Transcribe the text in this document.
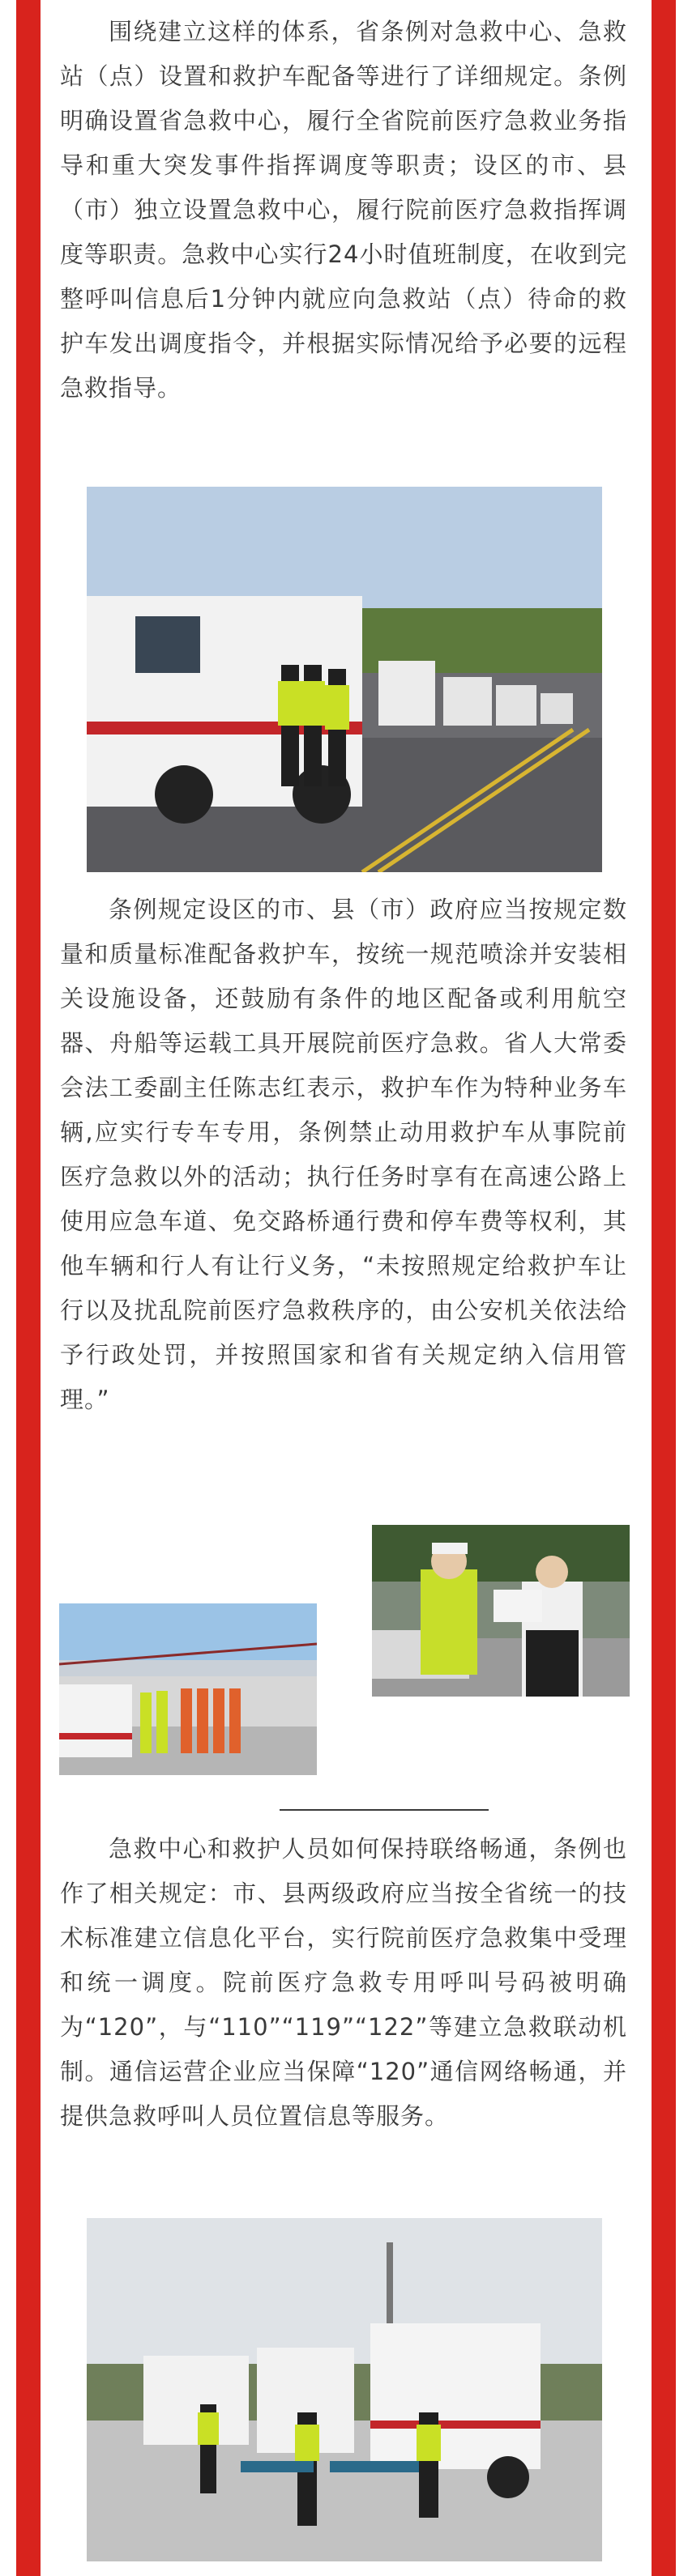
围绕建立这样的体系，省条例对急救中心、急救站（点）设置和救护车配备等进行了详细规定。条例明确设置省急救中心，履行全省院前医疗急救业务指导和重大突发事件指挥调度等职责；设区的市、县（市）独立设置急救中心，履行院前医疗急救指挥调度等职责。急救中心实行24小时值班制度，在收到完整呼叫信息后1分钟内就应向急救站（点）待命的救护车发出调度指令，并根据实际情况给予必要的远程急救指导。

条例规定设区的市、县（市）政府应当按规定数量和质量标准配备救护车，按统一规范喷涂并安装相关设施设备，还鼓励有条件的地区配备或利用航空器、舟船等运载工具开展院前医疗急救。省人大常委会法工委副主任陈志红表示，救护车作为特种业务车辆,应实行专车专用，条例禁止动用救护车从事院前医疗急救以外的活动；执行任务时享有在高速公路上使用应急车道、免交路桥通行费和停车费等权利，其他车辆和行人有让行义务，“未按照规定给救护车让行以及扰乱院前医疗急救秩序的，由公安机关依法给予行政处罚，并按照国家和省有关规定纳入信用管理。”

急救中心和救护人员如何保持联络畅通，条例也作了相关规定：市、县两级政府应当按全省统一的技术标准建立信息化平台，实行院前医疗急救集中受理和统一调度。院前医疗急救专用呼叫号码被明确为“120”，与“110”“119”“122”等建立急救联动机制。通信运营企业应当保障“120”通信网络畅通，并提供急救呼叫人员位置信息等服务。
